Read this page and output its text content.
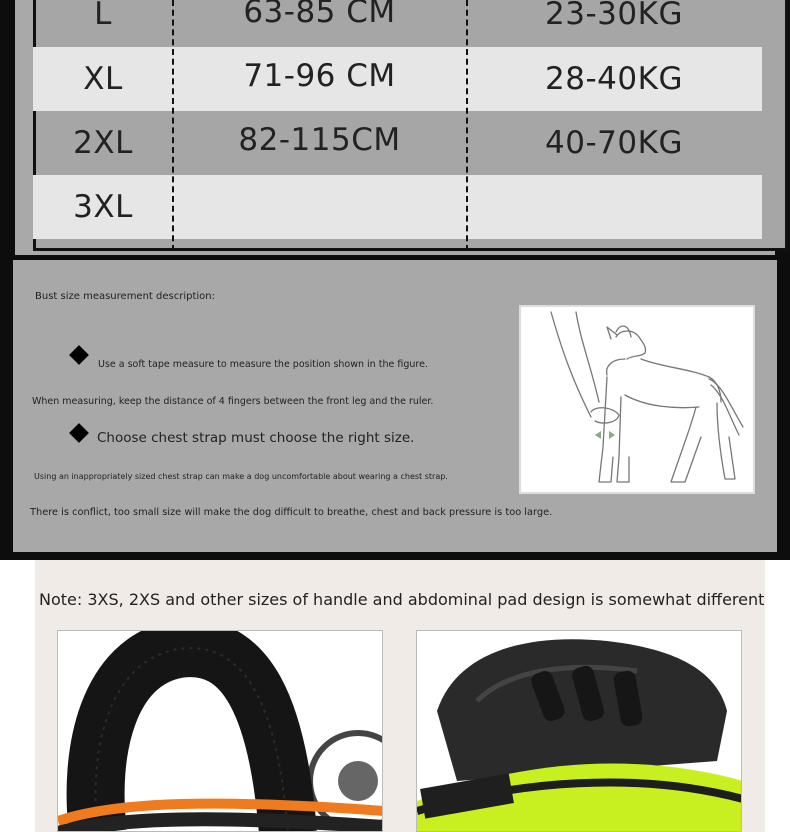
L	63-85 CM	23-30KG
XL	71-96 CM	28-40KG
2XL	82-115CM	40-70KG
3XL
Bust size measurement description:
Use a soft tape measure to measure the position shown in the figure.
When measuring, keep the distance of 4 fingers between the front leg and the ruler.
Choose chest strap must choose the right size.
Using an inappropriately sized chest strap can make a dog uncomfortable about wearing a chest strap.
There is conflict, too small size will make the dog difficult to breathe, chest and back pressure is too large.
Note: 3XS, 2XS and other sizes of handle and abdominal pad design is somewhat different
